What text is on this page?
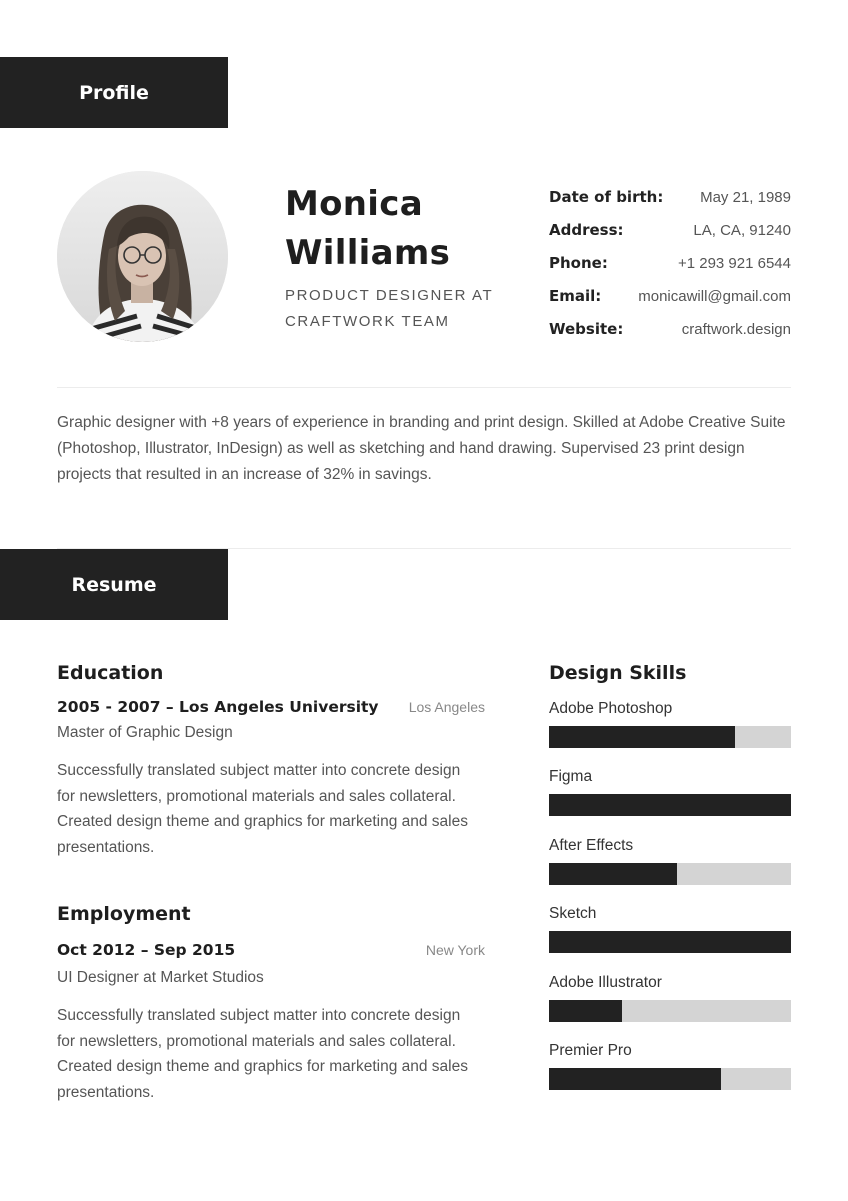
Profile
Monica
Williams
PRODUCT DESIGNER AT
CRAFTWORK TEAM
Date of birth: May 21, 1989
Address:	LA, CA, 91240
Phone:	+1 293 921 6544
Email: monicawill@gmail.com
Website:	craftwork.design
Graphic designer with +8 years of experience in branding and print design. Skilled at Adobe Creative Suite (Photoshop, Illustrator, InDesign) as well as sketching and hand drawing. Supervised 23 print design projects that resulted in an increase of 32% in savings.
Resume
Education
2005 - 2007 – Los Angeles University Los Angeles
Master of Graphic Design
Successfully translated subject matter into concrete design for newsletters, promotional materials and sales collateral. Created design theme and graphics for marketing and sales presentations.
Employment
Oct 2012 – Sep 2015	New York
UI Designer at Market Studios
Successfully translated subject matter into concrete design for newsletters, promotional materials and sales collateral. Created design theme and graphics for marketing and sales presentations.
Design Skills
Adobe Photoshop
Figma
After Effects
Sketch
Adobe Illustrator
Premier Pro
